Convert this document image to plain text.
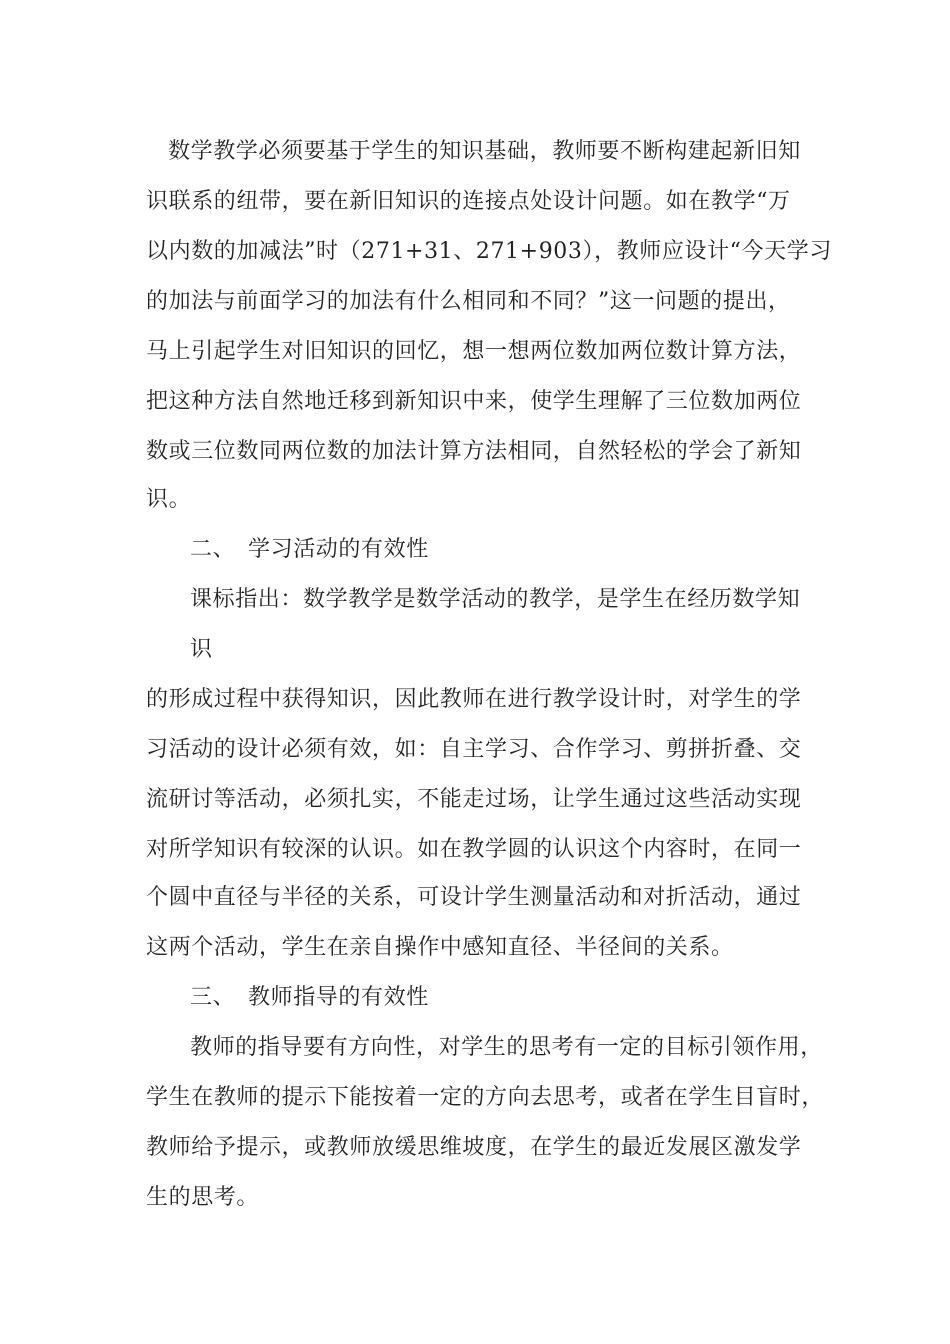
数学教学必须要基于学生的知识基础，教师要不断构建起新旧知
识联系的纽带，要在新旧知识的连接点处设计问题。如在教学“万
以内数的加减法”时（271+31、271+903），教师应设计“今天学习
的加法与前面学习的加法有什么相同和不同？”这一问题的提出，
马上引起学生对旧知识的回忆，想一想两位数加两位数计算方法，
把这种方法自然地迁移到新知识中来，使学生理解了三位数加两位
数或三位数同两位数的加法计算方法相同，自然轻松的学会了新知
识。
二、 学习活动的有效性
课标指出：数学教学是数学活动的教学，是学生在经历数学知
识
的形成过程中获得知识，因此教师在进行教学设计时，对学生的学
习活动的设计必须有效，如：自主学习、合作学习、剪拼折叠、交
流研讨等活动，必须扎实，不能走过场，让学生通过这些活动实现
对所学知识有较深的认识。如在教学圆的认识这个内容时，在同一
个圆中直径与半径的关系，可设计学生测量活动和对折活动，通过
这两个活动，学生在亲自操作中感知直径、半径间的关系。
三、 教师指导的有效性
教师的指导要有方向性，对学生的思考有一定的目标引领作用，
学生在教师的提示下能按着一定的方向去思考，或者在学生目盲时，
教师给予提示，或教师放缓思维坡度，在学生的最近发展区激发学
生的思考。
